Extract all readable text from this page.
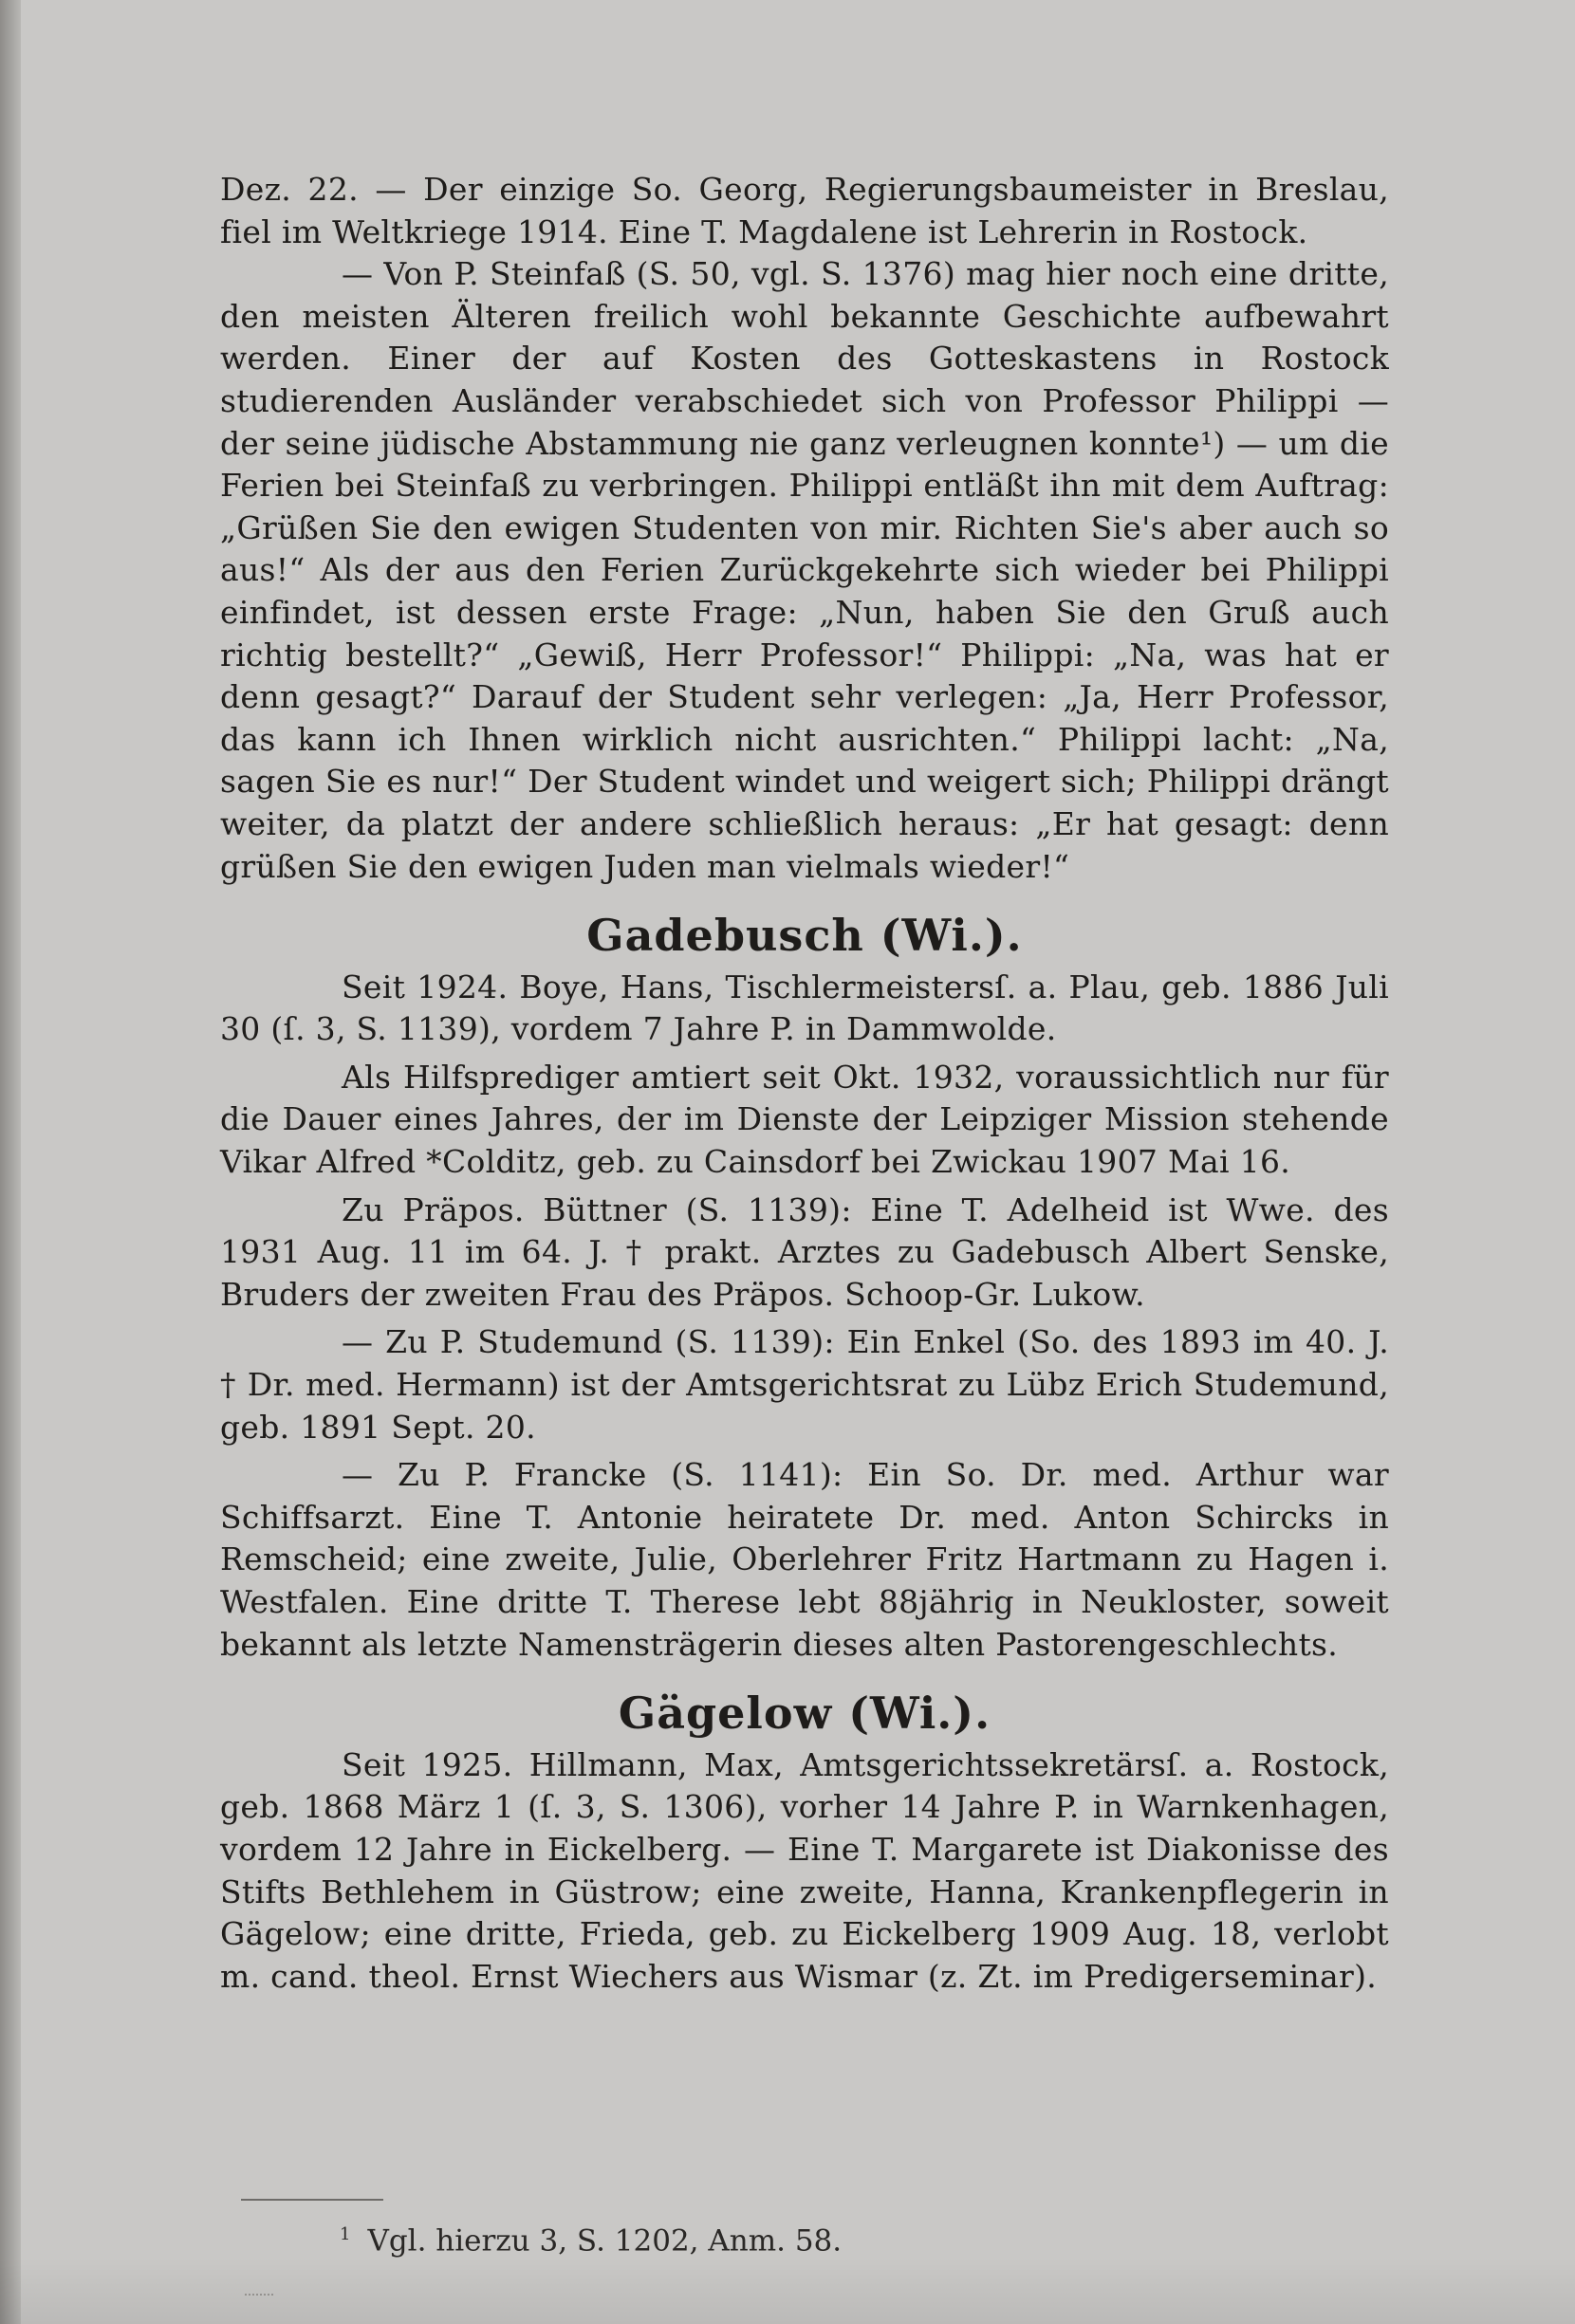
Dez. 22. — Der einzige So. Georg, Regierungsbaumeister in Breslau, fiel im Weltkriege 1914. Eine T. Magdalene ist Lehrerin in Rostock.

— Von P. Steinfaß (S. 50, vgl. S. 1376) mag hier noch eine dritte, den meisten Älteren freilich wohl bekannte Geschichte aufbewahrt werden. Einer der auf Kosten des Gotteskastens in Rostock studierenden Ausländer verabschiedet sich von Professor Philippi — der seine jüdische Abstammung nie ganz verleugnen konnte¹) — um die Ferien bei Steinfaß zu verbringen. Philippi entläßt ihn mit dem Auftrag: „Grüßen Sie den ewigen Studenten von mir. Richten Sie's aber auch so aus!“ Als der aus den Ferien Zurückgekehrte sich wieder bei Philippi einfindet, ist dessen erste Frage: „Nun, haben Sie den Gruß auch richtig bestellt?“ „Gewiß, Herr Professor!“ Philippi: „Na, was hat er denn gesagt?“ Darauf der Student sehr verlegen: „Ja, Herr Professor, das kann ich Ihnen wirklich nicht ausrichten.“ Philippi lacht: „Na, sagen Sie es nur!“ Der Student windet und weigert sich; Philippi drängt weiter, da platzt der andere schließlich heraus: „Er hat gesagt: denn grüßen Sie den ewigen Juden man vielmals wieder!“

Gadebusch (Wi.).

Seit 1924. Boye, Hans, Tischlermeistersſ. a. Plau, geb. 1886 Juli 30 (ſ. 3, S. 1139), vordem 7 Jahre P. in Dammwolde.

Als Hilfsprediger amtiert seit Okt. 1932, voraussichtlich nur für die Dauer eines Jahres, der im Dienste der Leipziger Mission stehende Vikar Alfred *Colditz, geb. zu Cainsdorf bei Zwickau 1907 Mai 16.

Zu Präpos. Büttner (S. 1139): Eine T. Adelheid ist Wwe. des 1931 Aug. 11 im 64. J. † prakt. Arztes zu Gadebusch Albert Senske, Bruders der zweiten Frau des Präpos. Schoop-Gr. Lukow.

— Zu P. Studemund (S. 1139): Ein Enkel (So. des 1893 im 40. J. † Dr. med. Hermann) ist der Amtsgerichtsrat zu Lübz Erich Studemund, geb. 1891 Sept. 20.

— Zu P. Francke (S. 1141): Ein So. Dr. med. Arthur war Schiffsarzt. Eine T. Antonie heiratete Dr. med. Anton Schircks in Remscheid; eine zweite, Julie, Oberlehrer Fritz Hartmann zu Hagen i. Westfalen. Eine dritte T. Therese lebt 88jährig in Neukloster, soweit bekannt als letzte Namensträgerin dieses alten Pastorengeschlechts.

Gägelow (Wi.).

Seit 1925. Hillmann, Max, Amtsgerichtssekretärsſ. a. Rostock, geb. 1868 März 1 (ſ. 3, S. 1306), vorher 14 Jahre P. in Warnkenhagen, vordem 12 Jahre in Eickelberg. — Eine T. Margarete ist Diakonisse des Stifts Bethlehem in Güstrow; eine zweite, Hanna, Krankenpflegerin in Gägelow; eine dritte, Frieda, geb. zu Eickelberg 1909 Aug. 18, verlobt m. cand. theol. Ernst Wiechers aus Wismar (z. Zt. im Predigerseminar).

$^1$ Vgl. hierzu 3, S. 1202, Anm. 58.
